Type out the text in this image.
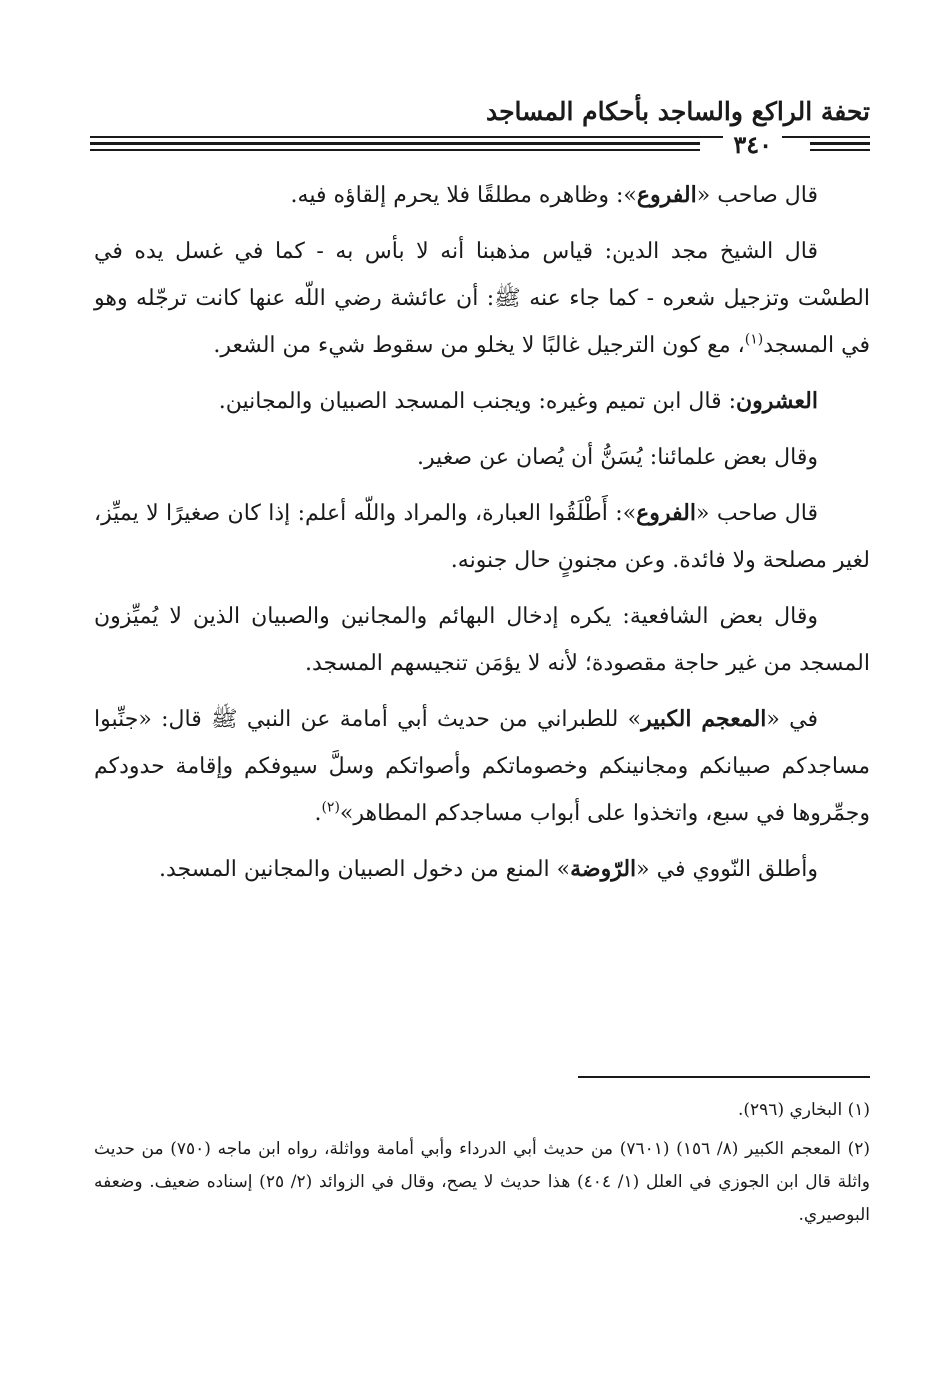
تحفة الراكع والساجد بأحكام المساجد
٣٤٠

قال صاحب «الفروع»: وظاهره مطلقًا فلا يحرم إلقاؤه فيه.

قال الشيخ مجد الدين: قياس مذهبنا أنه لا بأس به - كما في غسل يده في الطسْت وتزجيل شعره - كما جاء عنه ﷺ: أن عائشة رضي اللّه عنها كانت ترجّله وهو في المسجد$^{(١)}$، مع كون الترجيل غالبًا لا يخلو من سقوط شيء من الشعر.

العشرون: قال ابن تميم وغيره: ويجنب المسجد الصبيان والمجانين.

وقال بعض علمائنا: يُسَنُّ أن يُصان عن صغير.

قال صاحب «الفروع»: أَطْلَقُوا العبارة، والمراد واللّه أعلم: إذا كان صغيرًا لا يميِّز، لغير مصلحة ولا فائدة. وعن مجنونٍ حال جنونه.

وقال بعض الشافعية: يكره إدخال البهائم والمجانين والصبيان الذين لا يُميِّزون المسجد من غير حاجة مقصودة؛ لأنه لا يؤمَن تنجيسهم المسجد.

في «المعجم الكبير» للطبراني من حديث أبي أمامة عن النبي ﷺ قال: «جنِّبوا مساجدكم صبيانكم ومجانينكم وخصوماتكم وأصواتكم وسلَّ سيوفكم وإقامة حدودكم وجمِّروها في سبع، واتخذوا على أبواب مساجدكم المطاهر»$^{(٢)}$.

وأطلق النّووي في «الرّوضة» المنع من دخول الصبيان والمجانين المسجد.

(١) البخاري (٢٩٦).

(٢) المعجم الكبير (٨/ ١٥٦) (٧٦٠١) من حديث أبي الدرداء وأبي أمامة وواثلة، رواه ابن ماجه (٧٥٠) من حديث واثلة قال ابن الجوزي في العلل (١/ ٤٠٤) هذا حديث لا يصح، وقال في الزوائد (٢/ ٢٥) إسناده ضعيف. وضعفه البوصيري.
